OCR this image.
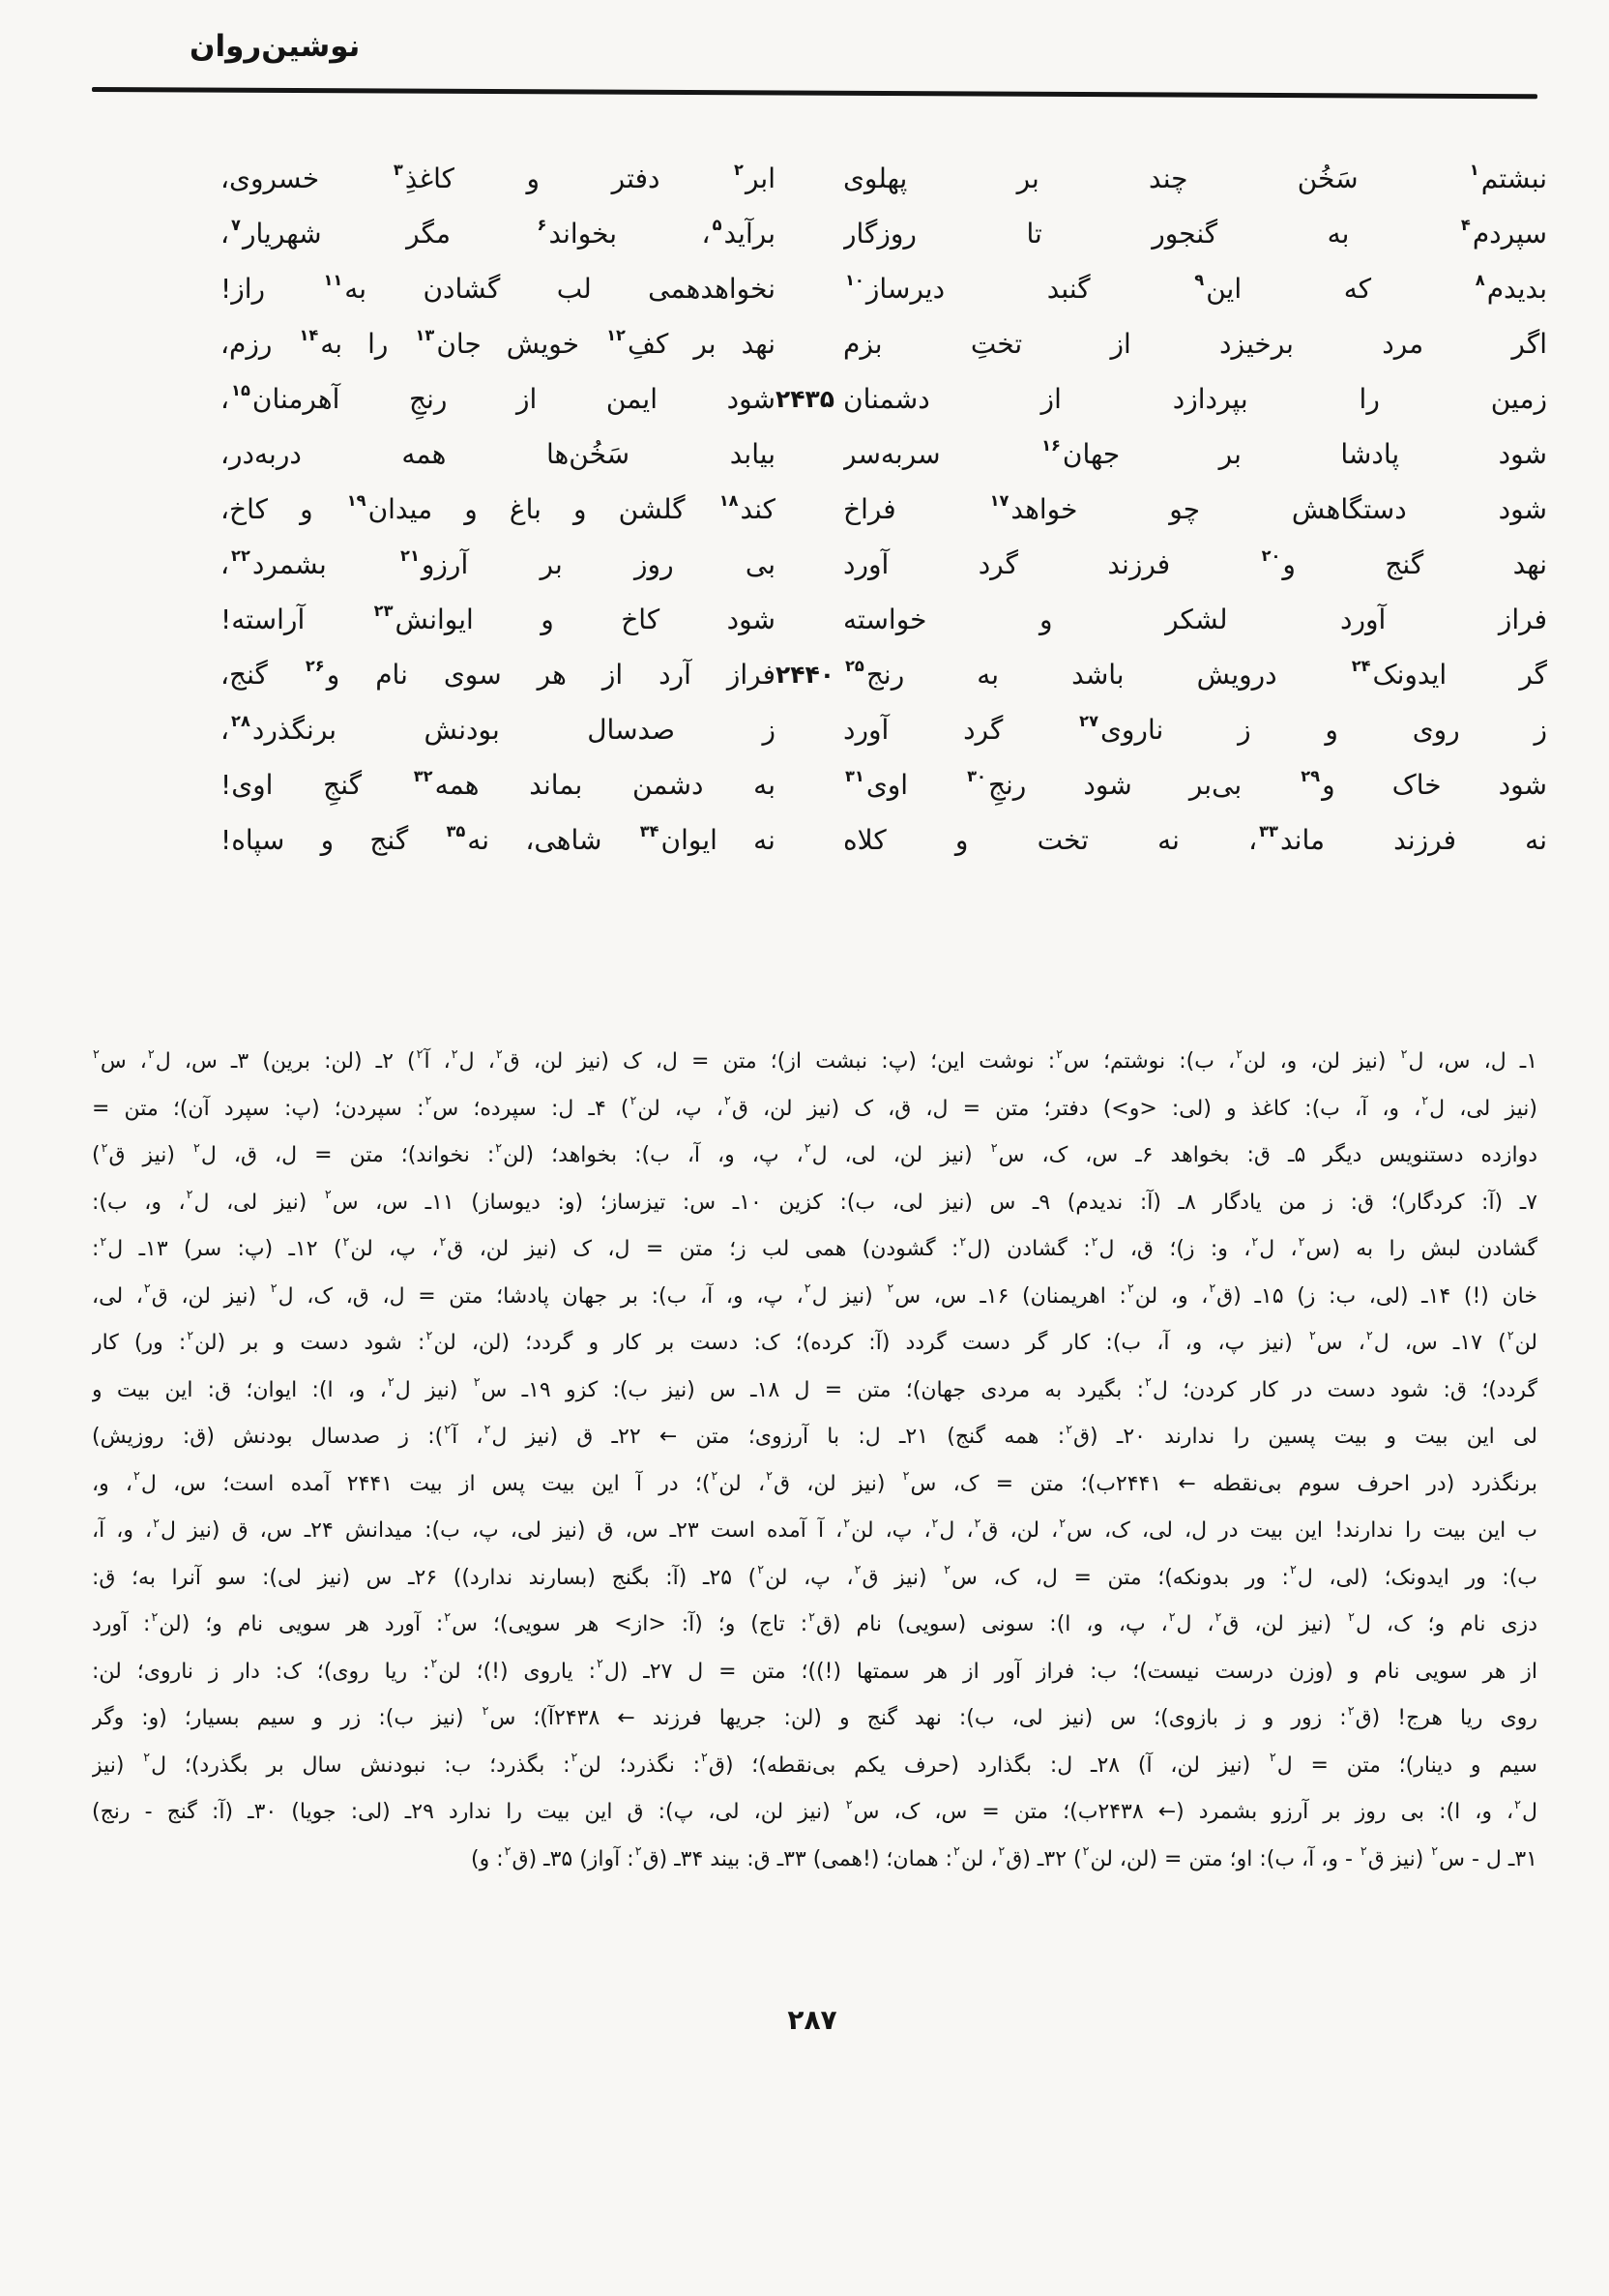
نوشین‌روان
نبشتم$^۱$ سَخُن چند بر پهلوی
ابر$^۲$ دفتر و کاغذِ$^۳$ خسروی،
سپردم$^۴$ به گنجور تا روزگار
برآید$^۵$، بخواند$^۶$ مگر شهریار$^۷$،
بدیدم$^۸$ که این$^۹$ گنبد دیرساز$^{۱۰}$
نخواهدهمی لب گشادن به$^{۱۱}$ راز!
اگر مرد برخیزد از تختِ بزم
نهد بر کفِ$^{۱۲}$ خویش جان$^{۱۳}$ را به$^{۱۴}$ رزم،
زمین را بپردازد از دشمنان
۲۴۳۵
شود ایمن از رنجِ آهرمنان$^{۱۵}$،
شود پادشا بر جهان$^{۱۶}$ سربه‌سر
بیابد سَخُن‌ها همه دربه‌در،
شود دستگاهش چو خواهد$^{۱۷}$ فراخ
کند$^{۱۸}$ گلشن و باغ و میدان$^{۱۹}$ و کاخ،
نهد گنج و$^{۲۰}$ فرزند گرد آورد
بی روز بر آرزو$^{۲۱}$ بشمرد$^{۲۲}$،
فراز آورد لشکر و خواسته
شود کاخ و ایوانش$^{۲۳}$ آراسته!
گر ایدونک$^{۲۴}$ درویش باشد به رنج$^{۲۵}$
۲۴۴۰
فراز آرد از هر سوی نام و$^{۲۶}$ گنج،
ز روی و ز ناروی$^{۲۷}$ گرد آورد
ز صدسال بودنش برنگذرد$^{۲۸}$،
شود خاک و$^{۲۹}$ بی‌بر شود رنجِ$^{۳۰}$ اوی$^{۳۱}$
به دشمن بماند همه$^{۳۲}$ گنجِ اوی!
نه فرزند ماند$^{۳۳}$، نه تخت و کلاه
نه ایوان$^{۳۴}$ شاهی، نه$^{۳۵}$ گنج و سپاه!
۱ـ ل، س، ل$^۲$ (نیز لن، و، لن$^۲$، ب): نوشتم؛ س$^۲$: نوشت این؛ (پ: نبشت از)؛ متن = ل، ک (نیز لن، ق$^۲$، ل$^۲$، آ$^۲$) ۲ـ (لن: برین) ۳ـ س، ل$^۲$، س$^۲$
(نیز لی، ل$^۲$، و، آ، ب): کاغذ و (لی: <و>) دفتر؛ متن = ل، ق، ک (نیز لن، ق$^۲$، پ، لن$^۲$) ۴ـ ل: سپرده؛ س$^۲$: سپردن؛ (پ: سپرد آن)؛ متن =
دوازده دستنویس دیگر ۵ـ ق: بخواهد ۶ـ س، ک، س$^۲$ (نیز لن، لی، ل$^۲$، پ، و، آ، ب): بخواهد؛ (لن$^۲$: نخواند)؛ متن = ل، ق، ل$^۲$ (نیز ق$^۲$)
۷ـ (آ: کردگار)؛ ق: ز من یادگار ۸ـ (آ: ندیدم) ۹ـ س (نیز لی، ب): کزین ۱۰ـ س: تیزساز؛ (و: دیوساز) ۱۱ـ س، س$^۲$ (نیز لی، ل$^۲$، و، ب):
گشادن لبش را به (س$^۲$، ل$^۲$، و: ز)؛ ق، ل$^۲$: گشادن (ل$^۲$: گشودن) همی لب ز؛ متن = ل، ک (نیز لن، ق$^۲$، پ، لن$^۲$) ۱۲ـ (پ: سر) ۱۳ـ ل$^۲$:
خان (!) ۱۴ـ (لی، ب: ز) ۱۵ـ (ق$^۲$، و، لن$^۲$: اهریمنان) ۱۶ـ س، س$^۲$ (نیز ل$^۲$، پ، و، آ، ب): بر جهان پادشا؛ متن = ل، ق، ک، ل$^۲$ (نیز لن، ق$^۲$، لی،
لن$^۲$) ۱۷ـ س، ل$^۲$، س$^۲$ (نیز پ، و، آ، ب): کار گر دست گردد (آ: کرده)؛ ک: دست بر کار و گردد؛ (لن، لن$^۲$: شود دست و بر (لن$^۲$: ور) کار
گردد)؛ ق: شود دست در کار کردن؛ ل$^۲$: بگیرد به مردی جهان)؛ متن = ل ۱۸ـ س (نیز ب): کزو ۱۹ـ س$^۲$ (نیز ل$^۲$، و، ا): ایوان؛ ق: این بیت و
لی این بیت و بیت پسین را ندارند ۲۰ـ (ق$^۲$: همه گنج) ۲۱ـ ل: با آرزوی؛ متن ← ۲۲ـ ق (نیز ل$^۲$، آ$^۲$): ز صدسال بودنش (ق: روزیش)
برنگذرد (در احرف سوم بی‌نقطه ← ۲۴۴۱ب)؛ متن = ک، س$^۲$ (نیز لن، ق$^۲$، لن$^۲$)؛ در آ این بیت پس از بیت ۲۴۴۱ آمده است؛ س، ل$^۲$، و،
ب این بیت را ندارند! این بیت در ل، لی، ک، س$^۲$، لن، ق$^۲$، ل$^۲$، پ، لن$^۲$، آ آمده است ۲۳ـ س، ق (نیز لی، پ، ب): میدانش ۲۴ـ س، ق (نیز ل$^۲$، و، آ،
ب): ور ایدونک؛ (لی، ل$^۲$: ور بدونکه)؛ متن = ل، ک، س$^۲$ (نیز ق$^۲$، پ، لن$^۲$) ۲۵ـ (آ: بگنج (بسارند ندارد)) ۲۶ـ س (نیز لی): سو آنرا به؛ ق:
دزی نام و؛ ک، ل$^۲$ (نیز لن، ق$^۲$، ل$^۲$، پ، و، ا): سونی (سویی) نام (ق$^۲$: تاج) و؛ (آ: <از> هر سویی)؛ س$^۲$: آورد هر سویی نام و؛ (لن$^۲$: آورد
از هر سویی نام و (وزن درست نیست)؛ ب: فراز آور از هر سمتها (!))؛ متن = ل ۲۷ـ (ل$^۲$: یاروی (!)؛ لن$^۲$: ریا روی)؛ ک: دار ز ناروی؛ لن:
روی ریا هرج! (ق$^۲$: زور و ز بازوی)؛ س (نیز لی، ب): نهد گنج و (لن: جریها فرزند ← ۲۴۳۸آ)؛ س$^۲$ (نیز ب): زر و سیم بسیار؛ (و: وگر
سیم و دینار)؛ متن = ل$^۲$ (نیز لن، آ) ۲۸ـ ل: بگذارد (حرف یکم بی‌نقطه)؛ (ق$^۲$: نگذرد؛ لن$^۲$: بگذرد؛ ب: نبودنش سال بر بگذرد)؛ ل$^۲$ (نیز
ل$^۲$، و، ا): بی روز بر آرزو بشمرد (← ۲۴۳۸ب)؛ متن = س، ک، س$^۲$ (نیز لن، لی، پ): ق این بیت را ندارد ۲۹ـ (لی: جویا) ۳۰ـ (آ: گنج - رنج)
۳۱ـ ل - س$^۲$ (نیز ق$^۲$ - و، آ، ب): او؛ متن = (لن، لن$^۲$) ۳۲ـ (ق$^۲$، لن$^۲$: همان؛ (!همی) ۳۳ـ ق: بیند ۳۴ـ (ق$^۲$: آواز) ۳۵ـ (ق$^۲$: و)
۲۸۷
